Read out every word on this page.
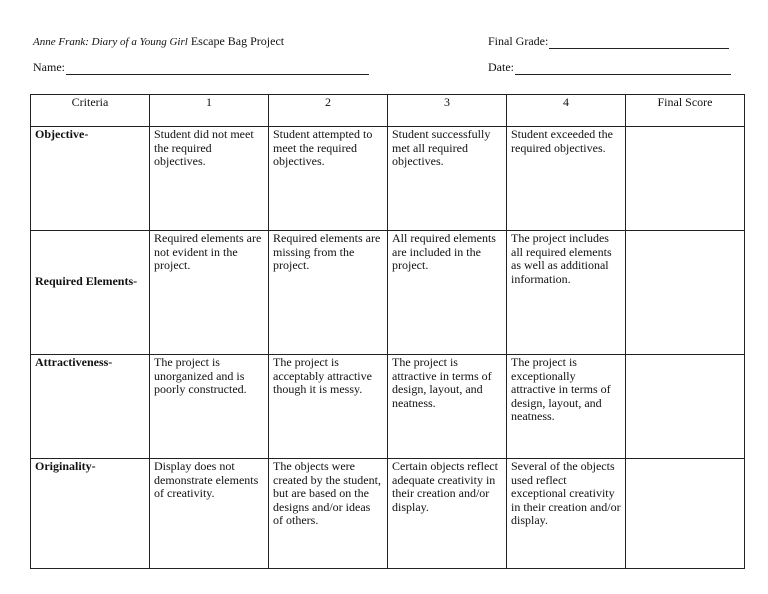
Anne Frank: Diary of a Young Girl Escape Bag Project	Final Grade:
Name:	Date:
Criteria	1	2	3	4	Final Score
Objective-	Student did not meet the required objectives.	Student attempted to meet the required objectives.	Student successfully met all required objectives.	Student exceeded the required objectives.	
Required Elements-	Required elements are not evident in the project.	Required elements are missing from the project.	All required elements are included in the project.	The project includes all required elements as well as additional information.	
Attractiveness-	The project is unorganized and is poorly constructed.	The project is acceptably attractive though it is messy.	The project is attractive in terms of design, layout, and neatness.	The project is exceptionally attractive in terms of design, layout, and neatness.	
Originality-	Display does not demonstrate elements of creativity.	The objects were created by the student, but are based on the designs and/or ideas of others.	Certain objects reflect adequate creativity in their creation and/or display.	Several of the objects used reflect exceptional creativity in their creation and/or display.	
